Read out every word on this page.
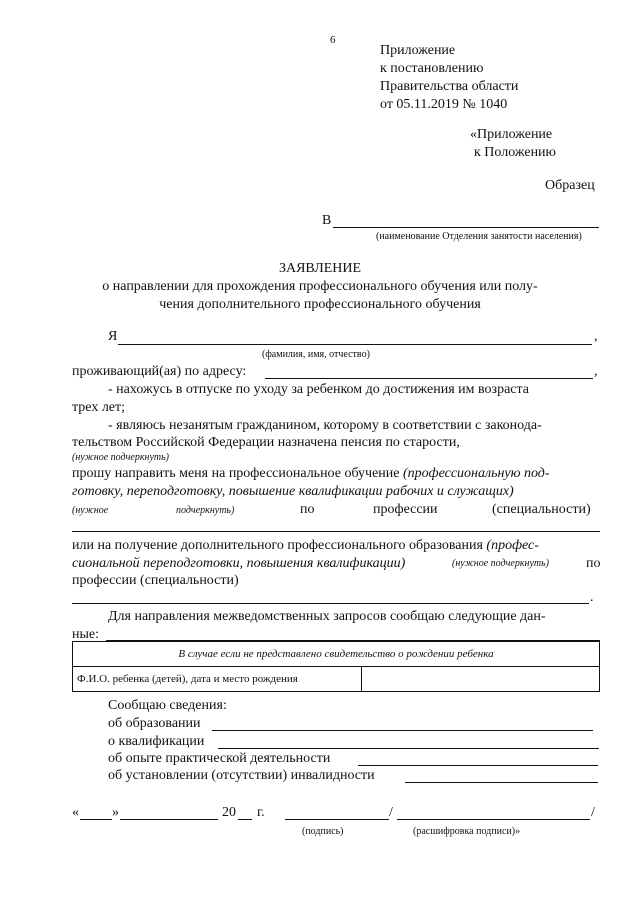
6
Приложение
к постановлению
Правительства области
от 05.11.2019 № 1040
«Приложение
к Положению
Образец
В
(наименование Отделения занятости населения)
ЗАЯВЛЕНИЕ
о направлении для прохождения профессионального обучения или полу-
чения дополнительного профессионального обучения
Я	,
(фамилия, имя, отчество)
проживающий(ая) по адресу:	,
- нахожусь в отпуске по уходу за ребенком до достижения им возраста
трех лет;
- являюсь незанятым гражданином, которому в соответствии с законода-
тельством Российской Федерации назначена пенсия по старости,
(нужное подчеркнуть)
прошу направить меня на профессиональное обучение (профессиональную под-
готовку, переподготовку, повышение квалификации рабочих и служащих)
(нужное	подчеркнуть)	по	профессии	(специальности)
или на получение дополнительного профессионального образования (профес-
сиональной переподготовки, повышения квалификации)	(нужное подчеркнуть)	по
профессии (специальности)
.
Для направления межведомственных запросов сообщаю следующие дан-
ные:
В случае если не представлено свидетельство о рождении ребенка
Ф.И.О. ребенка (детей), дата и место рождения	
Сообщаю сведения:
об образовании
о квалификации
об опыте практической деятельности
об установлении (отсутствии) инвалидности
« »	20 г.	/	/
(подпись)	(расшифровка подписи)»
